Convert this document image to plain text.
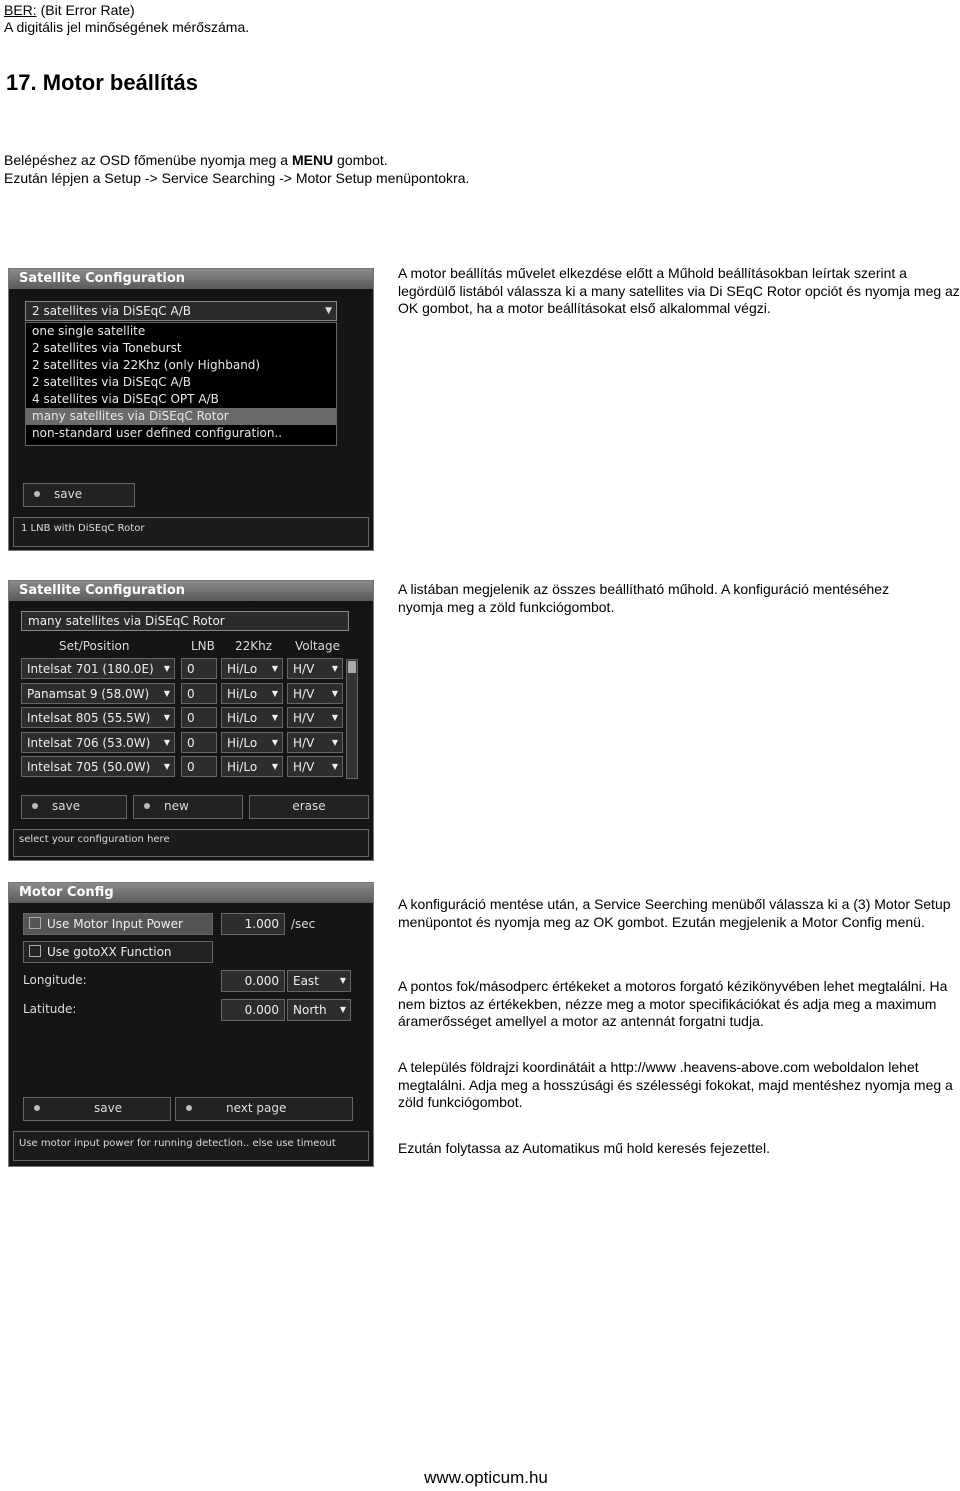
BER: (Bit Error Rate)
A digitális jel minőségének mérőszáma.
17. Motor beállítás
Belépéshez az OSD főmenübe nyomja meg a MENU gombot.
Ezután lépjen a Setup -> Service Searching -> Motor Setup menüpontokra.
Satellite Configuration
2 satellites via DiSEqC A/B	▼
one single satellite
2 satellites via Toneburst
2 satellites via 22Khz (only Highband)
2 satellites via DiSEqC A/B
4 satellites via DiSEqC OPT A/B
many satellites via DiSEqC Rotor
non-standard user defined configuration..
save
1 LNB with DiSEqC Rotor
A motor beállítás művelet elkezdése előtt a Műhold beállításokban leírtak szerint a legördülő listából válassza ki a many satellites via Di SEqC Rotor opciót és nyomja meg az OK gombot, ha a motor beállításokat első alkalommal végzi.
Satellite Configuration
many satellites via DiSEqC Rotor
Set/Position	LNB 22Khz Voltage
Intelsat 701 (180.0E) ▼	0	Hi/Lo ▼	H/V ▼
Panamsat 9 (58.0W) ▼	0	Hi/Lo ▼	H/V ▼
Intelsat 805 (55.5W) ▼	0	Hi/Lo ▼	H/V ▼
Intelsat 706 (53.0W) ▼	0	Hi/Lo ▼	H/V ▼
Intelsat 705 (50.0W) ▼	0	Hi/Lo ▼	H/V ▼
save	new	erase
select your configuration here
A listában megjelenik az összes beállítható műhold. A konfiguráció mentéséhez nyomja meg a zöld funkciógombot.
Motor Config
Use Motor Input Power	1.000	/sec
Use gotoXX Function
Longitude:	0.000	East	▼
Latitude:	0.000	North ▼
save	next page
Use motor input power for running detection.. else use timeout
A konfiguráció mentése után, a Service Seerching menüből válassza ki a (3) Motor Setup menüpontot és nyomja meg az OK gombot. Ezután megjelenik a Motor Config menü.
A pontos fok/másodperc értékeket a motoros forgató kézikönyvében lehet megtalálni. Ha nem biztos az értékekben, nézze meg a motor specifikációkat és adja meg a maximum áramerősséget amellyel a motor az antennát forgatni tudja.
A település földrajzi koordinátáit a http://www .heavens-above.com weboldalon lehet megtalálni. Adja meg a hosszúsági és szélességi fokokat, majd mentéshez nyomja meg a zöld funkciógombot.
Ezután folytassa az Automatikus mű hold keresés fejezettel.
www.opticum.hu
